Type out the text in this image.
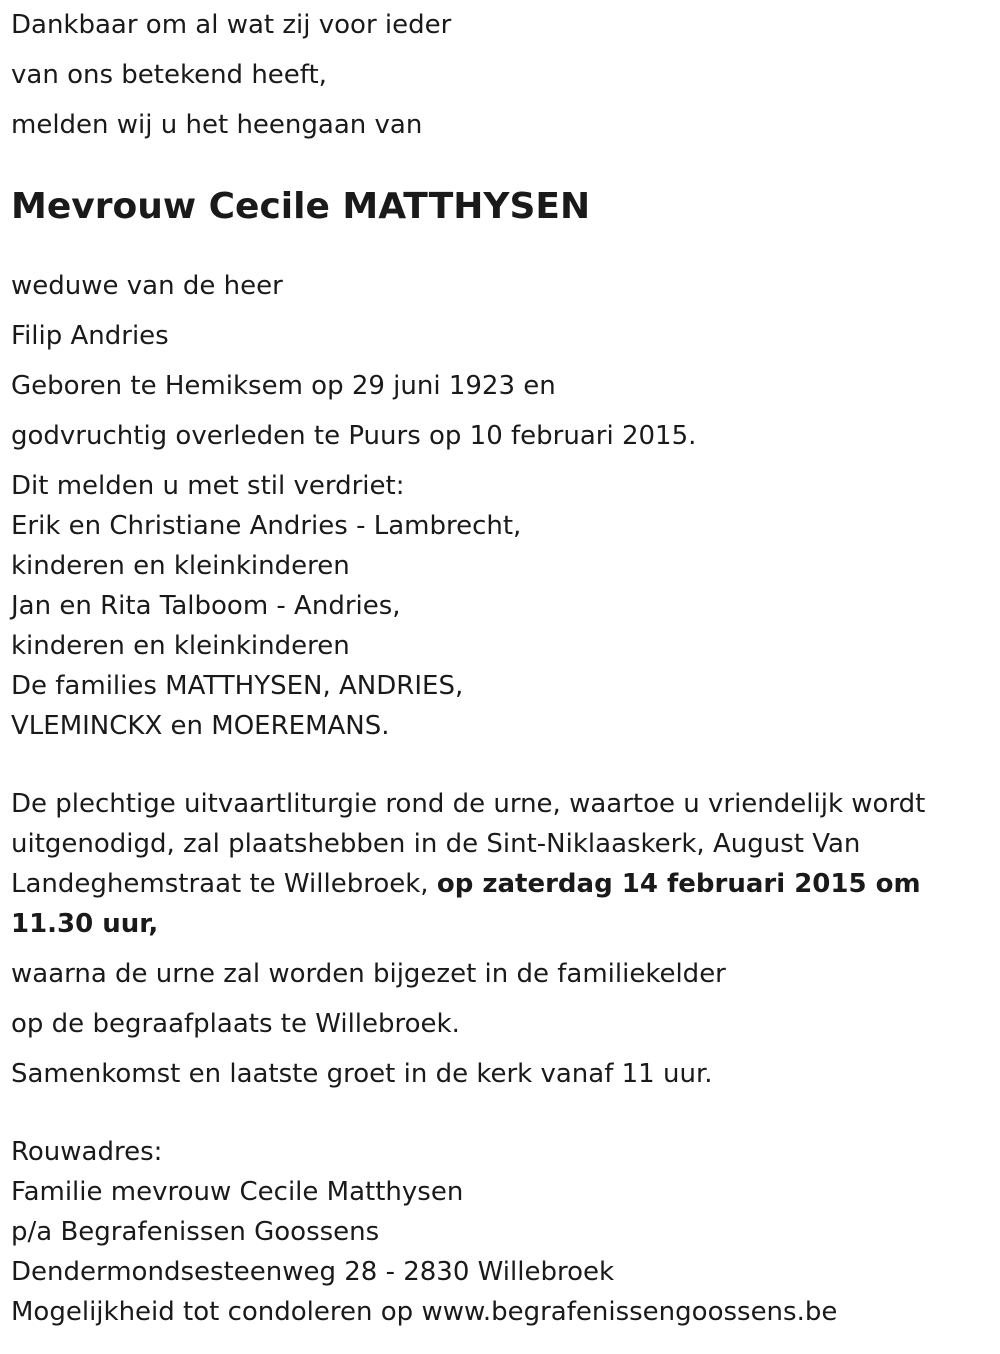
Dankbaar om al wat zij voor ieder
van ons betekend heeft,
melden wij u het heengaan van
Mevrouw Cecile MATTHYSEN
weduwe van de heer
Filip Andries
Geboren te Hemiksem op 29 juni 1923 en
godvruchtig overleden te Puurs op 10 februari 2015.
Dit melden u met stil verdriet:
Erik en Christiane Andries - Lambrecht,
kinderen en kleinkinderen
Jan en Rita Talboom - Andries,
kinderen en kleinkinderen
De families MATTHYSEN, ANDRIES,
VLEMINCKX en MOEREMANS.
De plechtige uitvaartliturgie rond de urne, waartoe u vriendelijk wordt uitgenodigd, zal plaatshebben in de Sint-Niklaaskerk, August Van Landeghemstraat te Willebroek, op zaterdag 14 februari 2015 om 11.30 uur,
waarna de urne zal worden bijgezet in de familiekelder
op de begraafplaats te Willebroek.
Samenkomst en laatste groet in de kerk vanaf 11 uur.
Rouwadres:
Familie mevrouw Cecile Matthysen
p/a Begrafenissen Goossens
Dendermondsesteenweg 28 - 2830 Willebroek
Mogelijkheid tot condoleren op www.begrafenissengoossens.be
